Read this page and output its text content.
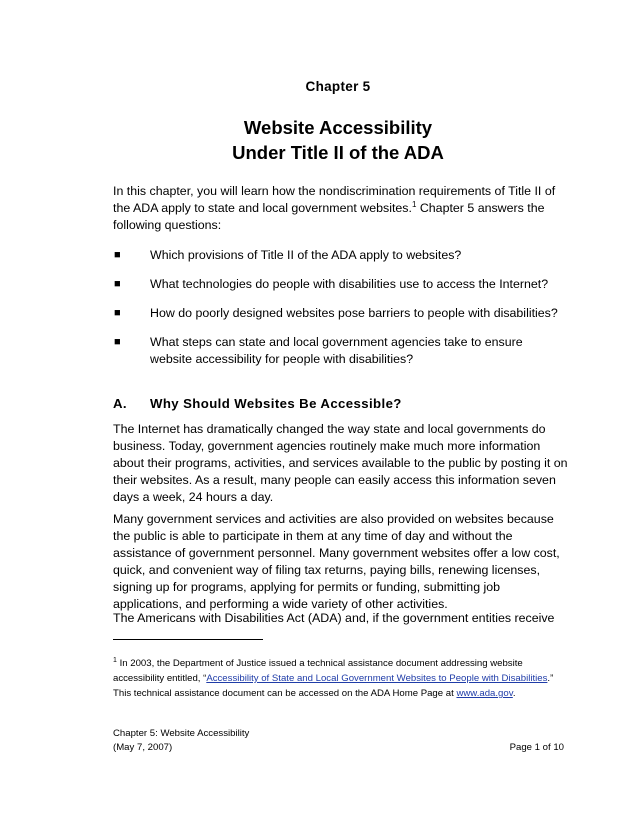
Chapter 5
Website Accessibility
Under Title II of the ADA

In this chapter, you will learn how the nondiscrimination requirements of Title II of the ADA apply to state and local government websites.$^1$ Chapter 5 answers the following questions:

■ Which provisions of Title II of the ADA apply to websites?
■ What technologies do people with disabilities use to access the Internet?
■ How do poorly designed websites pose barriers to people with disabilities?
■ What steps can state and local government agencies take to ensure website accessibility for people with disabilities?
A. Why Should Websites Be Accessible?

The Internet has dramatically changed the way state and local governments do business. Today, government agencies routinely make much more information about their programs, activities, and services available to the public by posting it on their websites. As a result, many people can easily access this information seven days a week, 24 hours a day.

Many government services and activities are also provided on websites because the public is able to participate in them at any time of day and without the assistance of government personnel. Many government websites offer a low cost, quick, and convenient way of filing tax returns, paying bills, renewing licenses, signing up for programs, applying for permits or funding, submitting job applications, and performing a wide variety of other activities.

The Americans with Disabilities Act (ADA) and, if the government entities receive

$^1$ In 2003, the Department of Justice issued a technical assistance document addressing website accessibility entitled, “Accessibility of State and Local Government Websites to People with Disabilities.” This technical assistance document can be accessed on the ADA Home Page at www.ada.gov.

Chapter 5: Website Accessibility
(May 7, 2007)	Page 1 of 10
